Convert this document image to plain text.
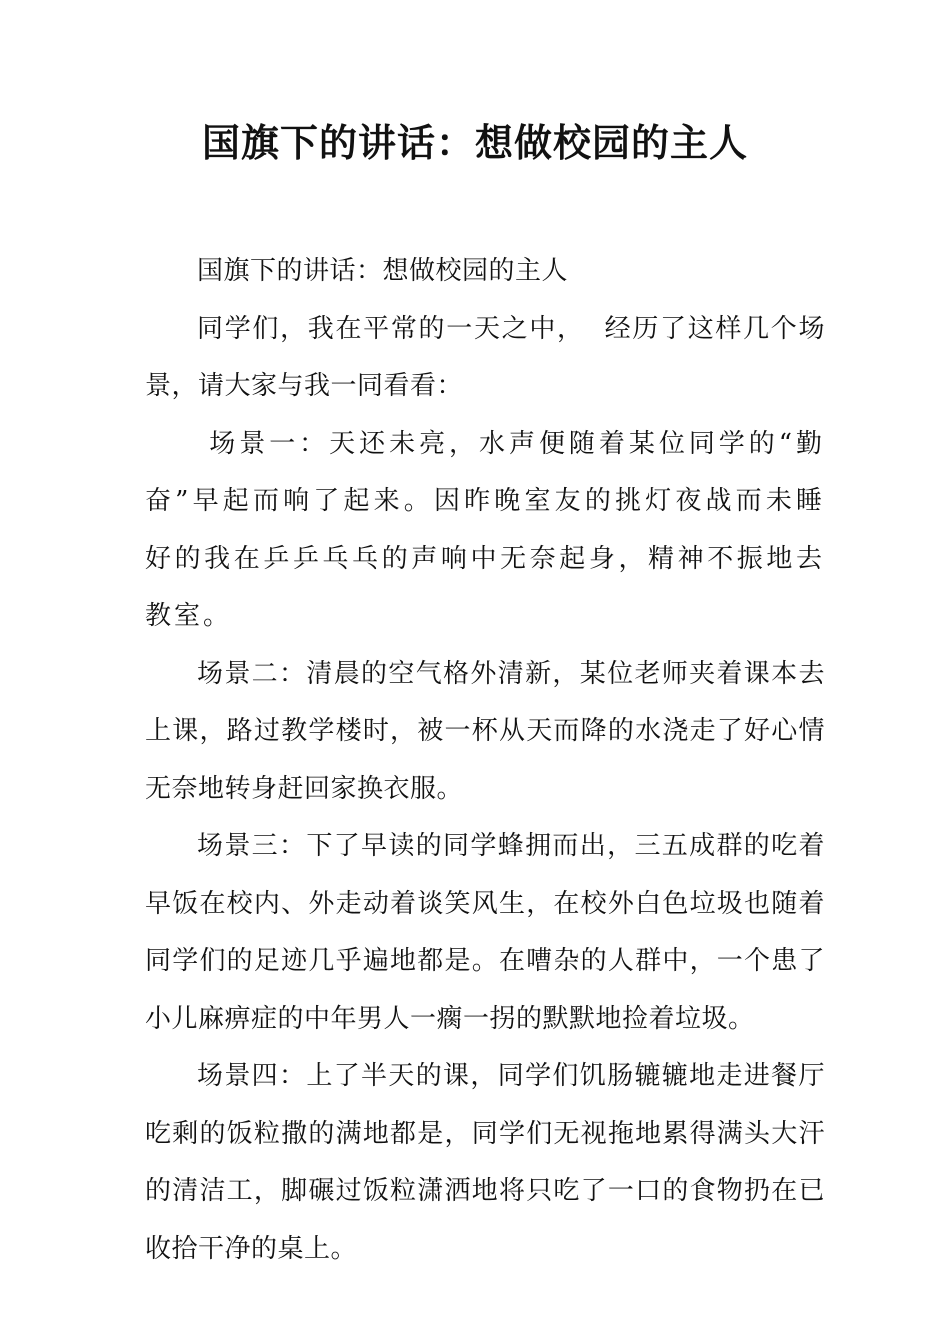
国旗下的讲话：想做校园的主人

国旗下的讲话：想做校园的主人

同学们，我在平常的一天之中，  经历了这样几个场景，请大家与我一同看看：

场景一：天还未亮，水声便随着某位同学的“勤奋”早起而响了起来。因昨晚室友的挑灯夜战而未睡好的我在乒乒乓乓的声响中无奈起身，精神不振地去教室。

场景二：清晨的空气格外清新，某位老师夹着课本去上课，路过教学楼时，被一杯从天而降的水浇走了好心情无奈地转身赶回家换衣服。

场景三：下了早读的同学蜂拥而出，三五成群的吃着早饭在校内、外走动着谈笑风生，在校外白色垃圾也随着同学们的足迹几乎遍地都是。在嘈杂的人群中，一个患了小儿麻痹症的中年男人一瘸一拐的默默地捡着垃圾。

场景四：上了半天的课，同学们饥肠辘辘地走进餐厅吃剩的饭粒撒的满地都是，同学们无视拖地累得满头大汗的清洁工，脚碾过饭粒潇洒地将只吃了一口的食物扔在已收拾干净的桌上。
